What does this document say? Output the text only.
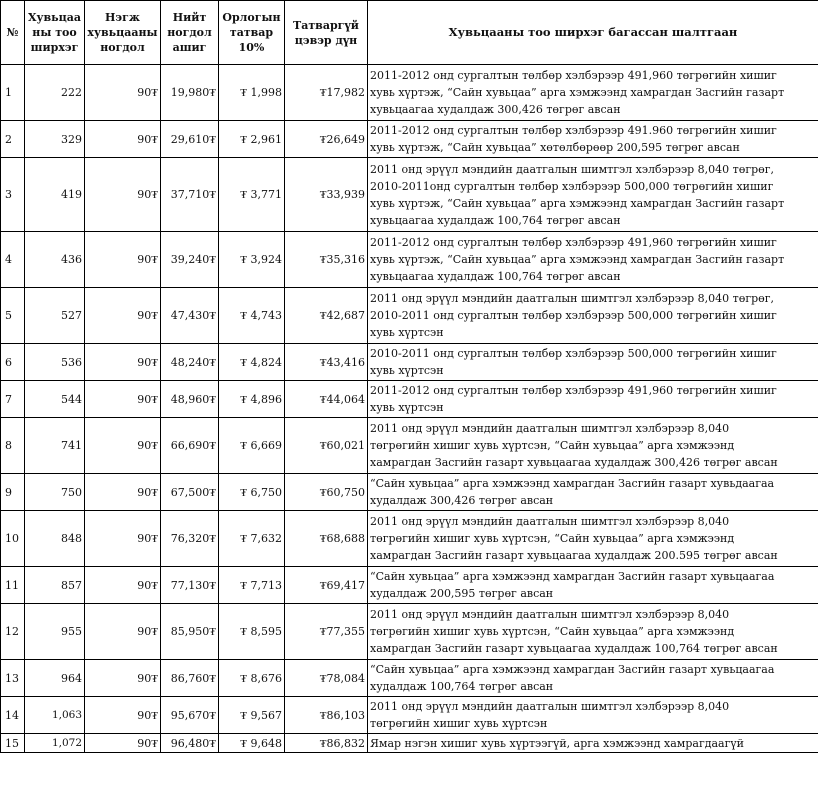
№	Хувьцаа
ны тоо
ширхэг	Нэгж
хувьцааны
ногдол	Нийт
ногдол
ашиг	Орлогын
татвар
10%	Татваргүй
цэвэр дүн	Хувьцааны тоо ширхэг багассан шалтгаан

1	222	90₮	19,980₮	₮ 1,998	₮17,982	2011-2012 онд сургалтын төлбөр хэлбэрээр 491,960 төгрөгийн хишиг
хувь хүртэж, “Сайн хувьцаа” арга хэмжээнд хамрагдан Засгийн газарт
хувьцаагаа худалдаж 300,426 төгрөг авсан

2	329	90₮	29,610₮	₮ 2,961	₮26,649	2011-2012 онд сургалтын төлбөр хэлбэрээр 491.960 төгрөгийн хишиг
хувь хүртэж, “Сайн хувьцаа” хөтөлбөрөөр 200,595 төгрөг авсан

3	419	90₮	37,710₮	₮ 3,771	₮33,939	2011 онд эрүүл мэндийн даатгалын шимтгэл хэлбэрээр 8,040 төгрөг,
2010-2011онд сургалтын төлбөр хэлбэрээр 500,000 төгрөгийн хишиг
хувь хүртэж, “Сайн хувьцаа” арга хэмжээнд хамрагдан Засгийн газарт
хувьцаагаа худалдаж 100,764 төгрөг авсан

4	436	90₮	39,240₮	₮ 3,924	₮35,316	2011-2012 онд сургалтын төлбөр хэлбэрээр 491,960 төгрөгийн хишиг
хувь хүртэж, “Сайн хувьцаа” арга хэмжээнд хамрагдан Засгийн газарт
хувьцаагаа худалдаж 100,764 төгрөг авсан

5	527	90₮	47,430₮	₮ 4,743	₮42,687	2011 онд эрүүл мэндийн даатгалын шимтгэл хэлбэрээр 8,040 төгрөг,
2010-2011 онд сургалтын төлбөр хэлбэрээр 500,000 төгрөгийн хишиг
хувь хүртсэн

6	536	90₮	48,240₮	₮ 4,824	₮43,416	2010-2011 онд сургалтын төлбөр хэлбэрээр 500,000 төгрөгийн хишиг
хувь хүртсэн

7	544	90₮	48,960₮	₮ 4,896	₮44,064	2011-2012 онд сургалтын төлбөр хэлбэрээр 491,960 төгрөгийн хишиг
хувь хүртсэн

8	741	90₮	66,690₮	₮ 6,669	₮60,021	2011 онд эрүүл мэндийн даатгалын шимтгэл хэлбэрээр 8,040
төгрөгийн хишиг хувь хүртсэн, “Сайн хувьцаа” арга хэмжээнд
хамрагдан Засгийн газарт хувьцаагаа худалдаж 300,426 төгрөг авсан

9	750	90₮	67,500₮	₮ 6,750	₮60,750	“Сайн хувьцаа” арга хэмжээнд хамрагдан Засгийн газарт хувьдаагаа
худалдаж 300,426 төгрөг авсан

10	848	90₮	76,320₮	₮ 7,632	₮68,688	2011 онд эрүүл мэндийн даатгалын шимтгэл хэлбэрээр 8,040
төгрөгийн хишиг хувь хүртсэн, “Сайн хувьцаа” арга хэмжээнд
хамрагдан Засгийн газарт хувьцаагаа худалдаж 200.595 төгрөг авсан

11	857	90₮	77,130₮	₮ 7,713	₮69,417	“Сайн хувьцаа” арга хэмжээнд хамрагдан Засгийн газарт хувьцаагаа
худалдаж 200,595 төгрөг авсан

12	955	90₮	85,950₮	₮ 8,595	₮77,355	2011 онд эрүүл мэндийн даатгалын шимтгэл хэлбэрээр 8,040
төгрөгийн хишиг хувь хүртсэн, “Сайн хувьцаа” арга хэмжээнд
хамрагдан Засгийн газарт хувьцаагаа худалдаж 100,764 төгрөг авсан

13	964	90₮	86,760₮	₮ 8,676	₮78,084	“Сайн хувьцаа” арга хэмжээнд хамрагдан Засгийн газарт хувьцаагаа
худалдаж 100,764 төгрөг авсан

14	1,063	90₮	95,670₮	₮ 9,567	₮86,103	2011 онд эрүүл мэндийн даатгалын шимтгэл хэлбэрээр 8,040
төгрөгийн хишиг хувь хүртсэн

15	1,072	90₮	96,480₮	₮ 9,648	₮86,832	Ямар нэгэн хишиг хувь хүртээгүй, арга хэмжээнд хамрагдаагүй
